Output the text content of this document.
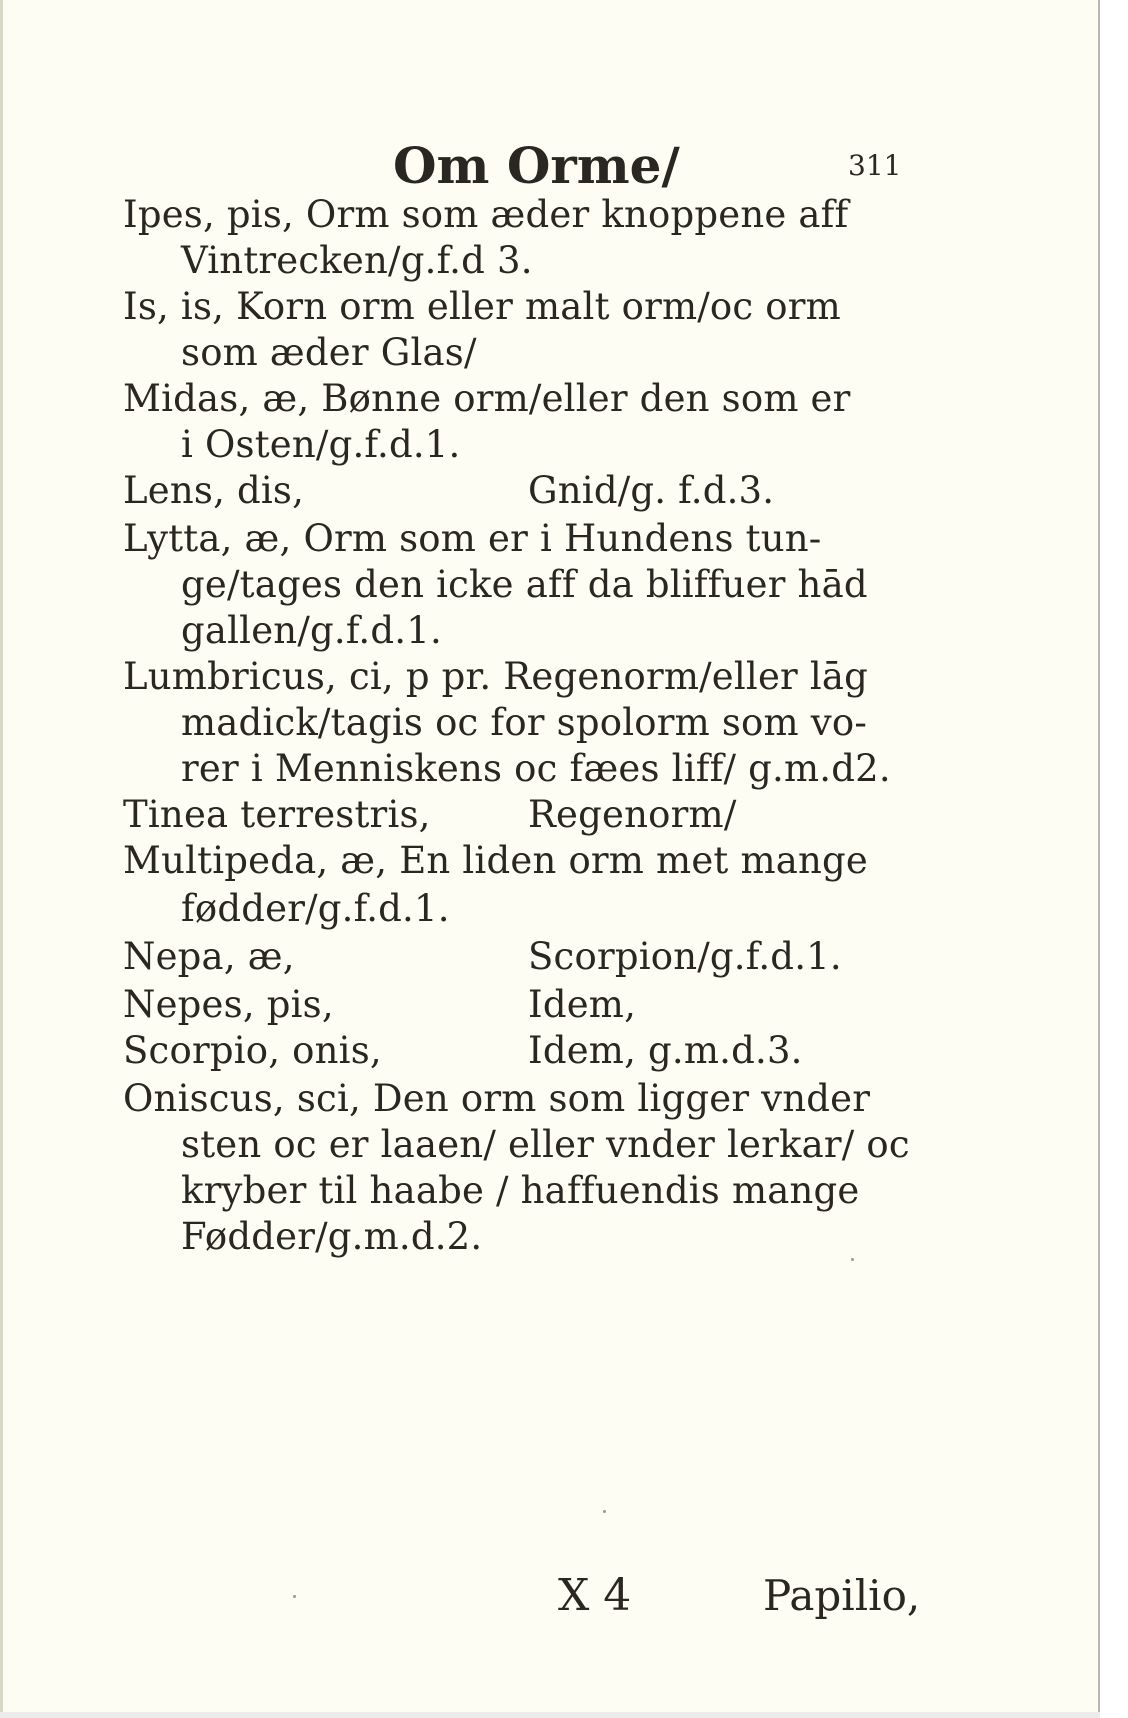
Om Orme/	311
Ipes, pis, Orm som æder knoppene aff
Vintrecken/g.f.d 3.
Is, is, Korn orm eller malt orm/oc orm
som æder Glas/
Midas, æ, Bønne orm/eller den som er
i Osten/g.f.d.1.
Lens, dis,	Gnid/g. f.d.3.
Lytta, æ, Orm som er i Hundens tun-
ge/tages den icke aff da bliffuer hād
gallen/g.f.d.1.
Lumbricus, ci, p pr. Regenorm/eller lāg
madick/tagis oc for spolorm som vo-
rer i Menniskens oc fæes liff/ g.m.d2.
Tinea terrestris,	Regenorm/
Multipeda, æ, En liden orm met mange
fødder/g.f.d.1.
Nepa, æ,	Scorpion/g.f.d.1.
Nepes, pis,	Idem,
Scorpio, onis,	Idem, g.m.d.3.
Oniscus, sci, Den orm som ligger vnder
sten oc er laaen/ eller vnder lerkar/ oc
kryber til haabe / haffuendis mange
Fødder/g.m.d.2.
X 4	Papilio,
